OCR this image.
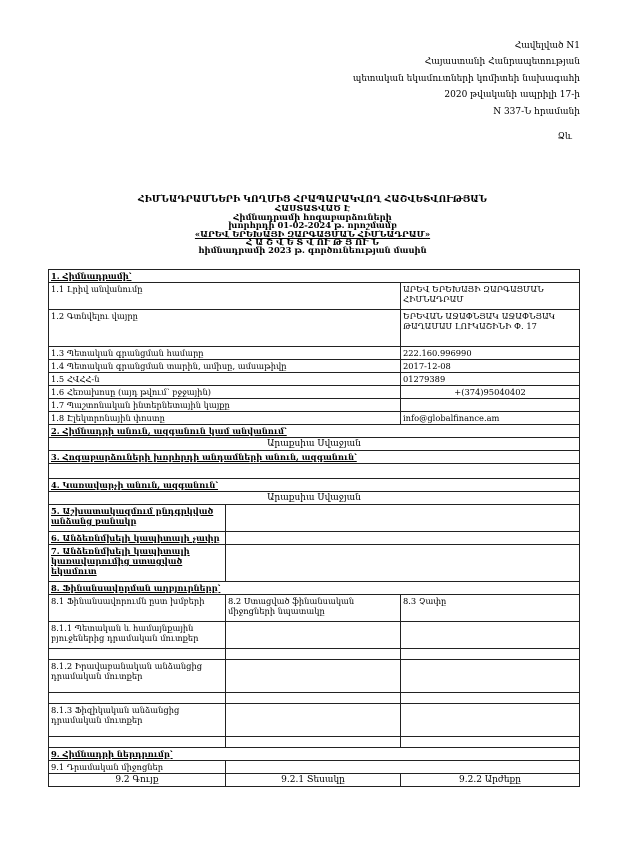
Հավելված N1
Հայաստանի Հանրապետության
պետական եկամուտների կոմիտեի նախագահի
2020 թվականի ապրիլի 17-ի
N 337-Ն հրամանի
Ձև
ՀԻՄՆԱԴՐԱՄՆԵՐԻ ԿՈՂՄԻՑ ՀՐԱՊԱՐԱԿՎՈՂ ՀԱՇՎԵՏՎՈՒԹՅԱՆ
ՀԱՍՏԱՏՎԱԾ Է
Հիմնադրամի հոգաբարձուների
խորհրդի 01-02-2024 թ. որոշմամբ
«ԱՐԵՎ ԵՐԵԽԱՅԻ ԶԱՐԳԱՑՄԱՆ ՀԻՄՆԱԴՐԱՄ»
Հ Ա Շ Վ Ե Տ Վ ՈՒ Թ Յ ՈՒ Ն
հիմնադրամի 2023 թ. գործունեության մասին
1. Հիմնադրամի՝		
1.1 Լրիվ անվանումը		ԱՐԵՎ ԵՐԵԽԱՅԻ ԶԱՐԳԱՑՄԱՆ ՀԻՄՆԱԴՐԱՄ
1.2 Գտնվելու վայրը		ԵՐԵՎԱՆ ԱՋԱՓՆՅԱԿ ԱՋԱՓՆՅԱԿ ԹԱՂԱՄԱՍ ԼՈՒԿԱՇԻՆԻ Փ. 17
1.3 Պետական գրանցման համարը		222.160.996990
1.4 Պետական գրանցման տարին, ամիսը, ամսաթիվը		2017-12-08
1.5 ՀՎՀՀ-ն		01279389
1.6 Հեռախոսը (այդ թվում՝ բջջային)		+(374)95040402
1.7 Պաշտոնական ինտերնետային կայքը		
1.8 Էլեկտրոնային փոստը		info@globalfinance.am
2. Հիմնադրի անուն, ազգանուն կամ անվանում՝		
Արաքսիա Սվաջյան		
3. Հոգաբարձուների խորհրդի անդամների անուն, ազգանուն՝		

4. Կառավարչի անուն, ազգանուն՝		
Արաքսիա Սվաջյան		
5. Աշխատակազմում ընդգրկված անձանց քանակը		
6. Անձեռնմխելի կապիտալի չափը		
7. Անձեռնմխելի կապիտալի կառավարումից ստացված եկամուտ		
8. Ֆինանսավորման աղբյուրները՝		
8.1 Ֆինանսավորումն ըստ խմբերի	8.2 Ստացված ֆինանսական միջոցների նպատակը	8.3 Չափը
8.1.1 Պետական և համայնքային բյուջեներից դրամական մուտքեր		

8.1.2 Իրավաբանական անձանցից դրամական մուտքեր		

8.1.3 Ֆիզիկական անձանցից դրամական մուտքեր		

9. Հիմնադրի ներդրումը՝		
9.1 Դրամական միջոցներ		
9.2 Գույք	9.2.1 Տեսակը	9.2.2 Արժեքը
